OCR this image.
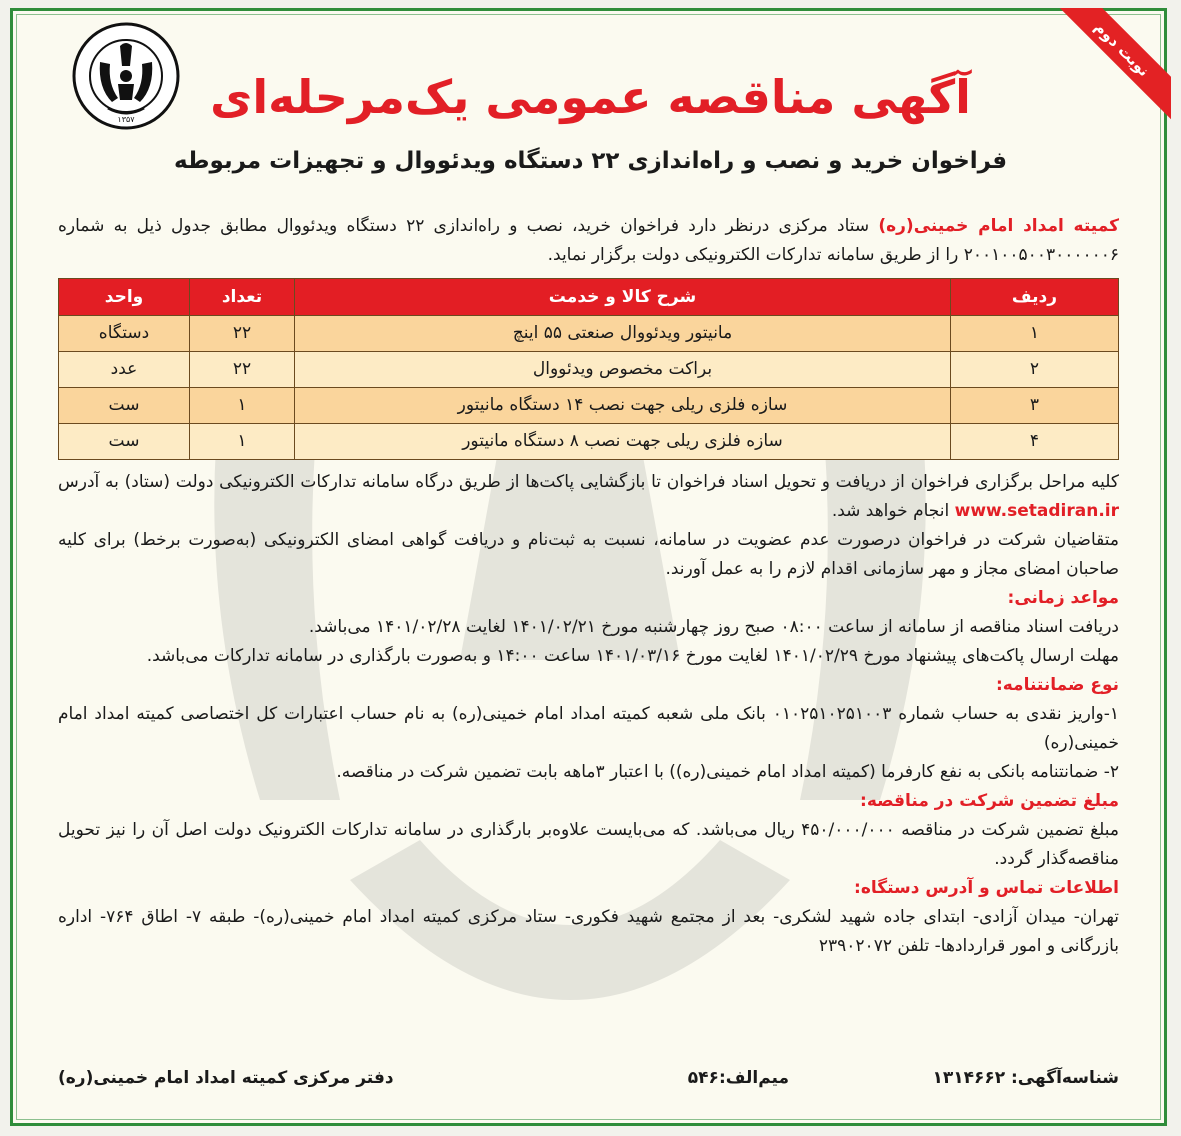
نوبت دوم
۱۳۵۷ آگهی مناقصه عمومی یک‌مرحله‌ای
فراخوان خرید و نصب و راه‌اندازی ۲۲ دستگاه ویدئووال و تجهیزات مربوطه

کمیته امداد امام خمینی(ره) ستاد مرکزی درنظر دارد فراخوان خرید، نصب و راه‌اندازی ۲۲ دستگاه ویدئووال مطابق جدول ذیل به شماره ۲۰۰۱۰۰۵۰۰۳۰۰۰۰۰۰۶ را از طریق سامانه تدارکات الکترونیکی دولت برگزار نماید.

ردیف	شرح کالا و خدمت	تعداد	واحد
۱	مانیتور ویدئووال صنعتی ۵۵ اینچ	۲۲	دستگاه
۲	براکت مخصوص ویدئووال	۲۲	عدد
۳	سازه فلزی ریلی جهت نصب ۱۴ دستگاه مانیتور	۱	ست
۴	سازه فلزی ریلی جهت نصب ۸ دستگاه مانیتور	۱	ست

کلیه مراحل برگزاری فراخوان از دریافت و تحویل اسناد فراخوان تا بازگشایی پاکت‌ها از طریق درگاه سامانه تدارکات الکترونیکی دولت (ستاد) به آدرس www.setadiran.ir انجام خواهد شد.

متقاضیان شرکت در فراخوان درصورت عدم عضویت در سامانه، نسبت به ثبت‌نام و دریافت گواهی امضای الکترونیکی (به‌صورت برخط) برای کلیه صاحبان امضای مجاز و مهر سازمانی اقدام لازم را به عمل آورند.

مواعد زمانی:

دریافت اسناد مناقصه از سامانه از ساعت ۰۸:۰۰ صبح روز چهارشنبه مورخ ۱۴۰۱/۰۲/۲۱ لغایت ۱۴۰۱/۰۲/۲۸ می‌باشد.

مهلت ارسال پاکت‌های پیشنهاد مورخ ۱۴۰۱/۰۲/۲۹ لغایت مورخ ۱۴۰۱/۰۳/۱۶ ساعت ۱۴:۰۰ و به‌صورت بارگذاری در سامانه تدارکات می‌باشد.

نوع ضمانتنامه:

۱-واریز نقدی به حساب شماره ۰۱۰۲۵۱۰۲۵۱۰۰۳ بانک ملی شعبه کمیته امداد امام خمینی(ره) به نام حساب اعتبارات کل اختصاصی کمیته امداد امام خمینی(ره)

۲- ضمانتنامه بانکی به نفع کارفرما (کمیته امداد امام خمینی(ره)) با اعتبار ۳ماهه بابت تضمین شرکت در مناقصه.

مبلغ تضمین شرکت در مناقصه:

مبلغ تضمین شرکت در مناقصه ۴۵۰/۰۰۰/۰۰۰ ریال می‌باشد. که می‌بایست علاوه‌بر بارگذاری در سامانه تدارکات الکترونیک دولت اصل آن را نیز تحویل مناقصه‌گذار گردد.

اطلاعات تماس و آدرس دستگاه:

تهران- میدان آزادی- ابتدای جاده شهید لشکری- بعد از مجتمع شهید فکوری- ستاد مرکزی کمیته امداد امام خمینی(ره)- طبقه ۷- اطاق ۷۶۴- اداره بازرگانی و امور قراردادها- تلفن ۲۳۹۰۲۰۷۲

شناسه‌آگهی: ۱۳۱۴۶۶۲
میم‌الف:۵۴۶
دفتر مرکزی کمیته امداد امام خمینی(ره)
